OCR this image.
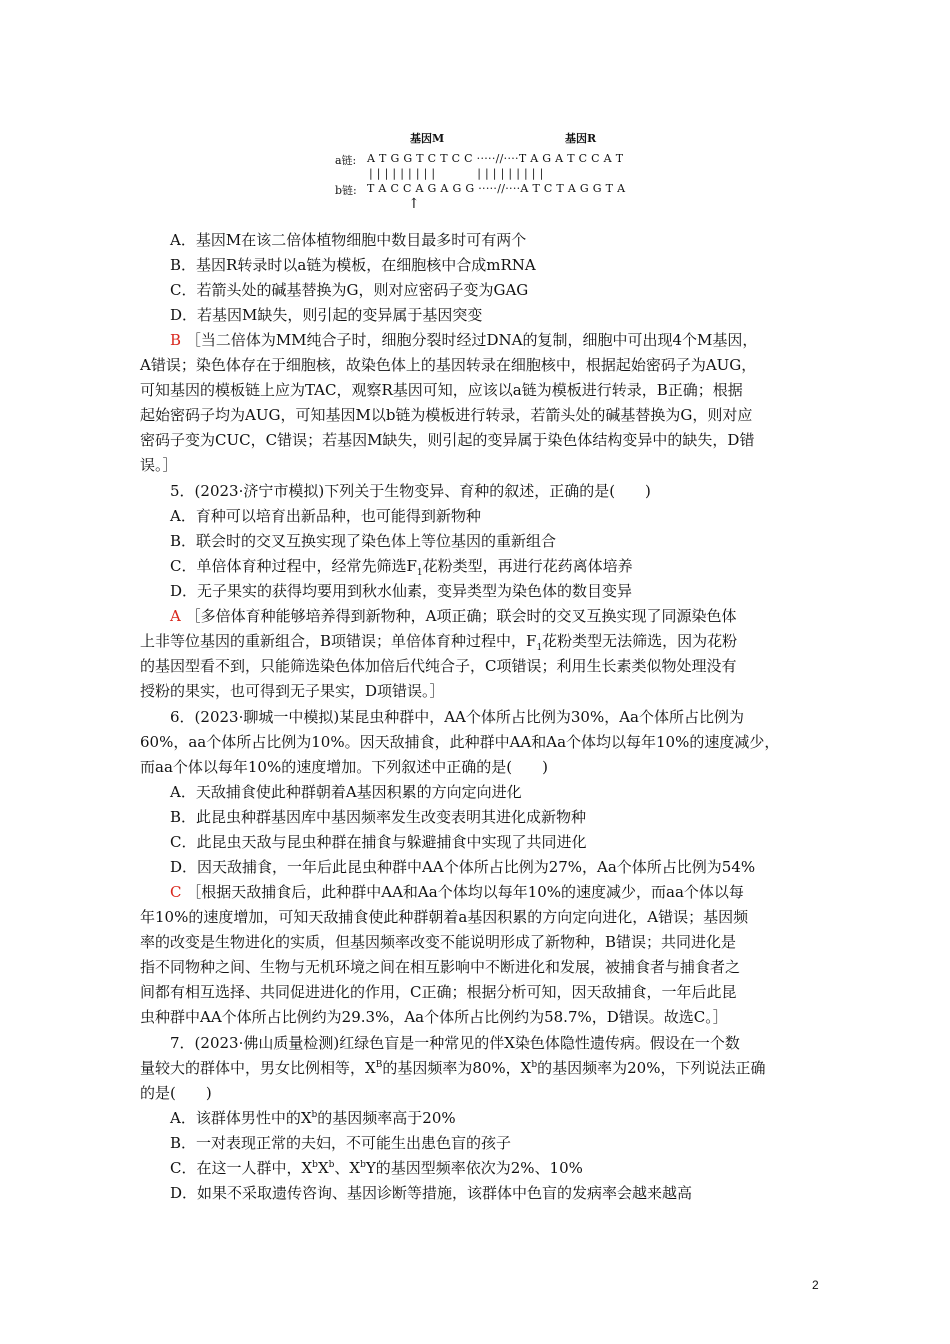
基因M	基因R
a链: A T G G T C T C C ·····//····T A G A T C C A T
| | | | | | | | |           | | | | | | | | |
b链: T A C C A G A G G ·····//····A T C T A G G T A
↑
A．基因M在该二倍体植物细胞中数目最多时可有两个
B．基因R转录时以a链为模板，在细胞核中合成mRNA
C．若箭头处的碱基替换为G，则对应密码子变为GAG
D．若基因M缺失，则引起的变异属于基因突变
B ［当二倍体为MM纯合子时，细胞分裂时经过DNA的复制，细胞中可出现4个M基因，
A错误；染色体存在于细胞核，故染色体上的基因转录在细胞核中，根据起始密码子为AUG，
可知基因的模板链上应为TAC，观察R基因可知，应该以a链为模板进行转录，B正确；根据
起始密码子均为AUG，可知基因M以b链为模板进行转录，若箭头处的碱基替换为G，则对应
密码子变为CUC，C错误；若基因M缺失，则引起的变异属于染色体结构变异中的缺失，D错
误。］
5．(2023·济宁市模拟)下列关于生物变异、育种的叙述，正确的是(　　)
A．育种可以培育出新品种，也可能得到新物种
B．联会时的交叉互换实现了染色体上等位基因的重新组合
C．单倍体育种过程中，经常先筛选$F_1$花粉类型，再进行花药离体培养
D．无子果实的获得均要用到秋水仙素，变异类型为染色体的数目变异
A ［多倍体育种能够培养得到新物种，A项正确；联会时的交叉互换实现了同源染色体
上非等位基因的重新组合，B项错误；单倍体育种过程中，$F_1$花粉类型无法筛选，因为花粉
的基因型看不到，只能筛选染色体加倍后代纯合子，C项错误；利用生长素类似物处理没有
授粉的果实，也可得到无子果实，D项错误。］
6．(2023·聊城一中模拟)某昆虫种群中，AA个体所占比例为30%，Aa个体所占比例为
60%，aa个体所占比例为10%。因天敌捕食，此种群中AA和Aa个体均以每年10%的速度减少，
而aa个体以每年10%的速度增加。下列叙述中正确的是(　　)
A．天敌捕食使此种群朝着A基因积累的方向定向进化
B．此昆虫种群基因库中基因频率发生改变表明其进化成新物种
C．此昆虫天敌与昆虫种群在捕食与躲避捕食中实现了共同进化
D．因天敌捕食，一年后此昆虫种群中AA个体所占比例为27%，Aa个体所占比例为54%
C ［根据天敌捕食后，此种群中AA和Aa个体均以每年10%的速度减少，而aa个体以每
年10%的速度增加，可知天敌捕食使此种群朝着a基因积累的方向定向进化，A错误；基因频
率的改变是生物进化的实质，但基因频率改变不能说明形成了新物种，B错误；共同进化是
指不同物种之间、生物与无机环境之间在相互影响中不断进化和发展，被捕食者与捕食者之
间都有相互选择、共同促进进化的作用，C正确；根据分析可知，因天敌捕食，一年后此昆
虫种群中AA个体所占比例约为29.3%，Aa个体所占比例约为58.7%，D错误。故选C。］
7．(2023·佛山质量检测)红绿色盲是一种常见的伴X染色体隐性遗传病。假设在一个数
量较大的群体中，男女比例相等，$X^B$的基因频率为80%，$X^b$的基因频率为20%，下列说法正确
的是(　　)
A．该群体男性中的$X^b$的基因频率高于20%
B．一对表现正常的夫妇，不可能生出患色盲的孩子
C．在这一人群中，$X^bX^b$、$X^bY$的基因型频率依次为2%、10%
D．如果不采取遗传咨询、基因诊断等措施，该群体中色盲的发病率会越来越高
2
